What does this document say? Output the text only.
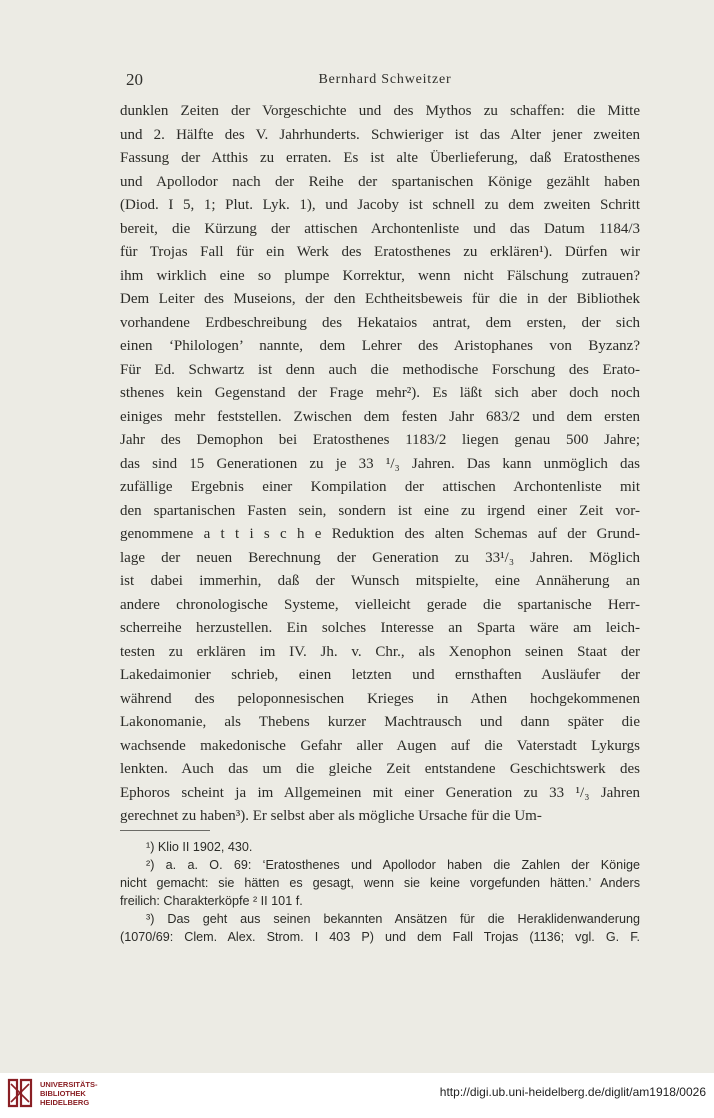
20	Bernhard Schweitzer
dunklen Zeiten der Vorgeschichte und des Mythos zu schaffen: die Mitte
und 2. Hälfte des V. Jahrhunderts. Schwieriger ist das Alter jener zweiten
Fassung der Atthis zu erraten. Es ist alte Überlieferung, daß Eratosthenes
und Apollodor nach der Reihe der spartanischen Könige gezählt haben
(Diod. I 5, 1; Plut. Lyk. 1), und Jacoby ist schnell zu dem zweiten Schritt
bereit, die Kürzung der attischen Archontenliste und das Datum 1184/3
für Trojas Fall für ein Werk des Eratosthenes zu erklären¹). Dürfen wir
ihm wirklich eine so plumpe Korrektur, wenn nicht Fälschung zutrauen?
Dem Leiter des Museions, der den Echtheitsbeweis für die in der Bibliothek
vorhandene Erdbeschreibung des Hekataios antrat, dem ersten, der sich
einen ‘Philologen’ nannte, dem Lehrer des Aristophanes von Byzanz?
Für Ed. Schwartz ist denn auch die methodische Forschung des Erato-
sthenes kein Gegenstand der Frage mehr²). Es läßt sich aber doch noch
einiges mehr feststellen. Zwischen dem festen Jahr 683/2 und dem ersten
Jahr des Demophon bei Eratosthenes 1183/2 liegen genau 500 Jahre;
das sind 15 Generationen zu je 33 ¹/₃ Jahren. Das kann unmöglich das
zufällige Ergebnis einer Kompilation der attischen Archontenliste mit
den spartanischen Fasten sein, sondern ist eine zu irgend einer Zeit vor-
genommene a t t i s c h e Reduktion des alten Schemas auf der Grund-
lage der neuen Berechnung der Generation zu 33¹/₃ Jahren. Möglich
ist dabei immerhin, daß der Wunsch mitspielte, eine Annäherung an
andere chronologische Systeme, vielleicht gerade die spartanische Herr-
scherreihe herzustellen. Ein solches Interesse an Sparta wäre am leich-
testen zu erklären im IV. Jh. v. Chr., als Xenophon seinen Staat der
Lakedaimonier schrieb, einen letzten und ernsthaften Ausläufer der
während des peloponnesischen Krieges in Athen hochgekommenen
Lakonomanie, als Thebens kurzer Machtrausch und dann später die
wachsende makedonische Gefahr aller Augen auf die Vaterstadt Lykurgs
lenkten. Auch das um die gleiche Zeit entstandene Geschichtswerk des
Ephoros scheint ja im Allgemeinen mit einer Generation zu 33 ¹/₃ Jahren
gerechnet zu haben³). Er selbst aber als mögliche Ursache für die Um-
¹) Klio II 1902, 430.
²) a. a. O. 69: ‘Eratosthenes und Apollodor haben die Zahlen der Könige
nicht gemacht: sie hätten es gesagt, wenn sie keine vorgefunden hätten.’ Anders
freilich: Charakterköpfe ² II 101 f.
³) Das geht aus seinen bekannten Ansätzen für die Heraklidenwanderung
(1070/69: Clem. Alex. Strom. I 403 P) und dem Fall Trojas (1136; vgl. G. F.
UNIVERSITÄTS-
BIBLIOTHEK
HEIDELBERG
http://digi.ub.uni-heidelberg.de/diglit/am1918/0026
